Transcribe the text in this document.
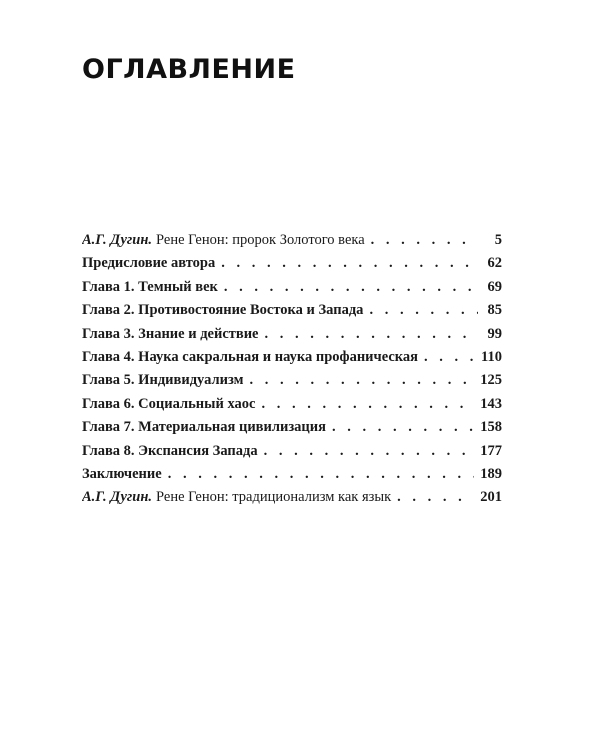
ОГЛАВЛЕНИЕ
А.Г. Дугин. Рене Генон: пророк Золотого века . . .	5
Предисловие автора . . .	62
Глава 1. Темный век . . .	69
Глава 2. Противостояние Востока и Запада . . .	85
Глава 3. Знание и действие . . .	99
Глава 4. Наука сакральная и наука профаническая . . .	110
Глава 5. Индивидуализм . . .	125
Глава 6. Социальный хаос . . .	143
Глава 7. Материальная цивилизация . . .	158
Глава 8. Экспансия Запада . . .	177
Заключение . . .	189
А.Г. Дугин. Рене Генон: традиционализм как язык . . .	201
